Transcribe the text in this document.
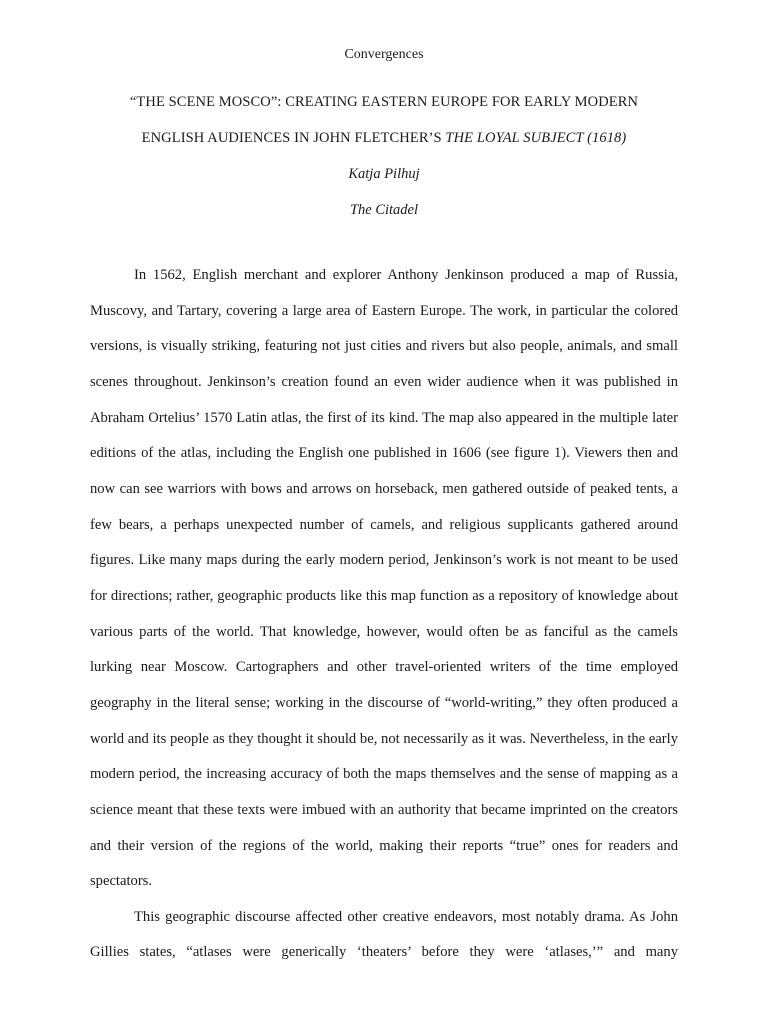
Convergences
“THE SCENE MOSCO”: CREATING EASTERN EUROPE FOR EARLY MODERN
ENGLISH AUDIENCES IN JOHN FLETCHER’S THE LOYAL SUBJECT (1618)
Katja Pilhuj
The Citadel

In 1562, English merchant and explorer Anthony Jenkinson produced a map of Russia, Muscovy, and Tartary, covering a large area of Eastern Europe. The work, in particular the colored versions, is visually striking, featuring not just cities and rivers but also people, animals, and small scenes throughout. Jenkinson’s creation found an even wider audience when it was published in Abraham Ortelius’ 1570 Latin atlas, the first of its kind. The map also appeared in the multiple later editions of the atlas, including the English one published in 1606 (see figure 1). Viewers then and now can see warriors with bows and arrows on horseback, men gathered outside of peaked tents, a few bears, a perhaps unexpected number of camels, and religious supplicants gathered around figures. Like many maps during the early modern period, Jenkinson’s work is not meant to be used for directions; rather, geographic products like this map function as a repository of knowledge about various parts of the world. That knowledge, however, would often be as fanciful as the camels lurking near Moscow. Cartographers and other travel-oriented writers of the time employed geography in the literal sense; working in the discourse of “world-writing,” they often produced a world and its people as they thought it should be, not necessarily as it was. Nevertheless, in the early modern period, the increasing accuracy of both the maps themselves and the sense of mapping as a science meant that these texts were imbued with an authority that became imprinted on the creators and their version of the regions of the world, making their reports “true” ones for readers and spectators.

This geographic discourse affected other creative endeavors, most notably drama. As John Gillies states, “atlases were generically ‘theaters’ before they were ‘atlases,’” and many
